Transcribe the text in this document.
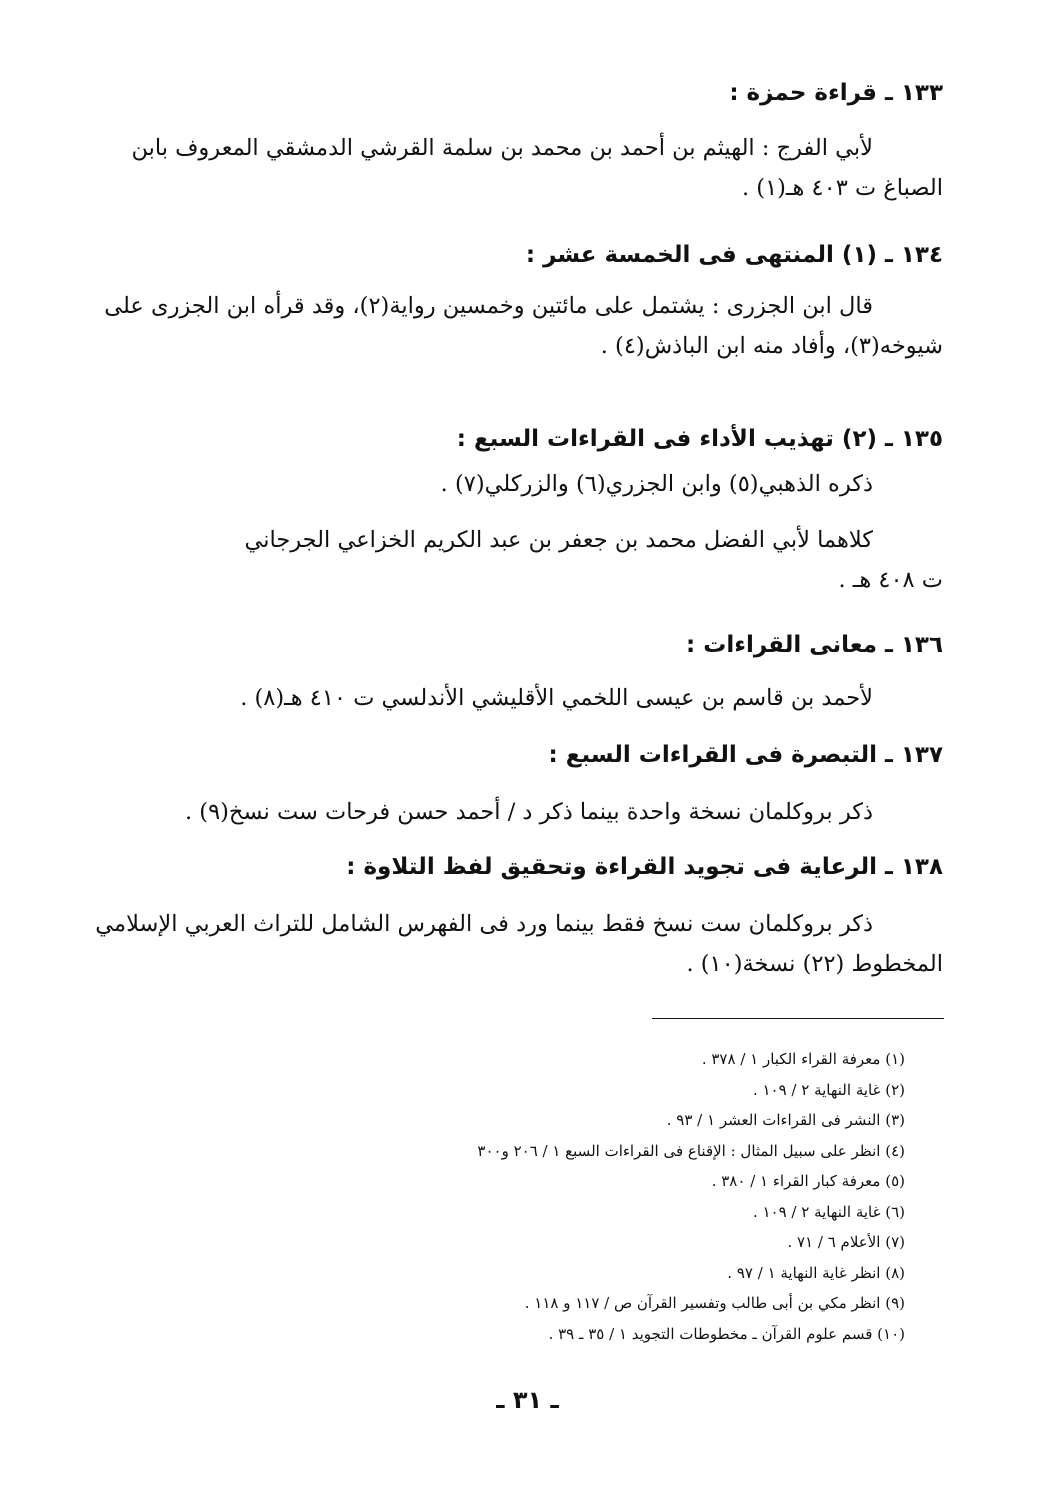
١٣٣ ـ قراءة حمزة :
لأبي الفرج : الهيثم بن أحمد بن محمد بن سلمة القرشي الدمشقي المعروف بابن
الصباغ ت ٤٠٣ هـ(١) .
١٣٤ ـ (١) المنتهى فى الخمسة عشر :
قال ابن الجزرى : يشتمل على مائتين وخمسين رواية(٢)، وقد قرأه ابن الجزرى على
شيوخه(٣)، وأفاد منه ابن الباذش(٤) .
١٣٥ ـ (٢) تهذيب الأداء فى القراءات السبع :
ذكره الذهبي(٥) وابن الجزري(٦) والزركلي(٧) .
كلاهما لأبي الفضل محمد بن جعفر بن عبد الكريم الخزاعي الجرجاني
ت ٤٠٨ هـ .
١٣٦ ـ معانى القراءات :
لأحمد بن قاسم بن عيسى اللخمي الأقليشي الأندلسي ت ٤١٠ هـ(٨) .
١٣٧ ـ التبصرة فى القراءات السبع :
ذكر بروكلمان نسخة واحدة بينما ذكر د / أحمد حسن فرحات ست نسخ(٩) .
١٣٨ ـ الرعاية فى تجويد القراءة وتحقيق لفظ التلاوة :
ذكر بروكلمان ست نسخ فقط بينما ورد فى الفهرس الشامل للتراث العربي الإسلامي
المخطوط (٢٢) نسخة(١٠) .
(١) معرفة القراء الكبار ١ / ٣٧٨ .
(٢) غاية النهاية ٢ / ١٠٩ .
(٣) النشر فى القراءات العشر ١ / ٩٣ .
(٤) انظر على سبيل المثال : الإقناع فى القراءات السبع ١ / ٢٠٦ و٣٠٠
(٥) معرفة كبار القراء ١ / ٣٨٠ .
(٦) غاية النهاية ٢ / ١٠٩ .
(٧) الأعلام ٦ / ٧١ .
(٨) انظر غاية النهاية ١ / ٩٧ .
(٩) انظر مكي بن أبى طالب وتفسير القرآن ص / ١١٧ و ١١٨ .
(١٠) قسم علوم القرآن ـ مخطوطات التجويد ١ / ٣٥ ـ ٣٩ .
ـ ٣١ ـ
